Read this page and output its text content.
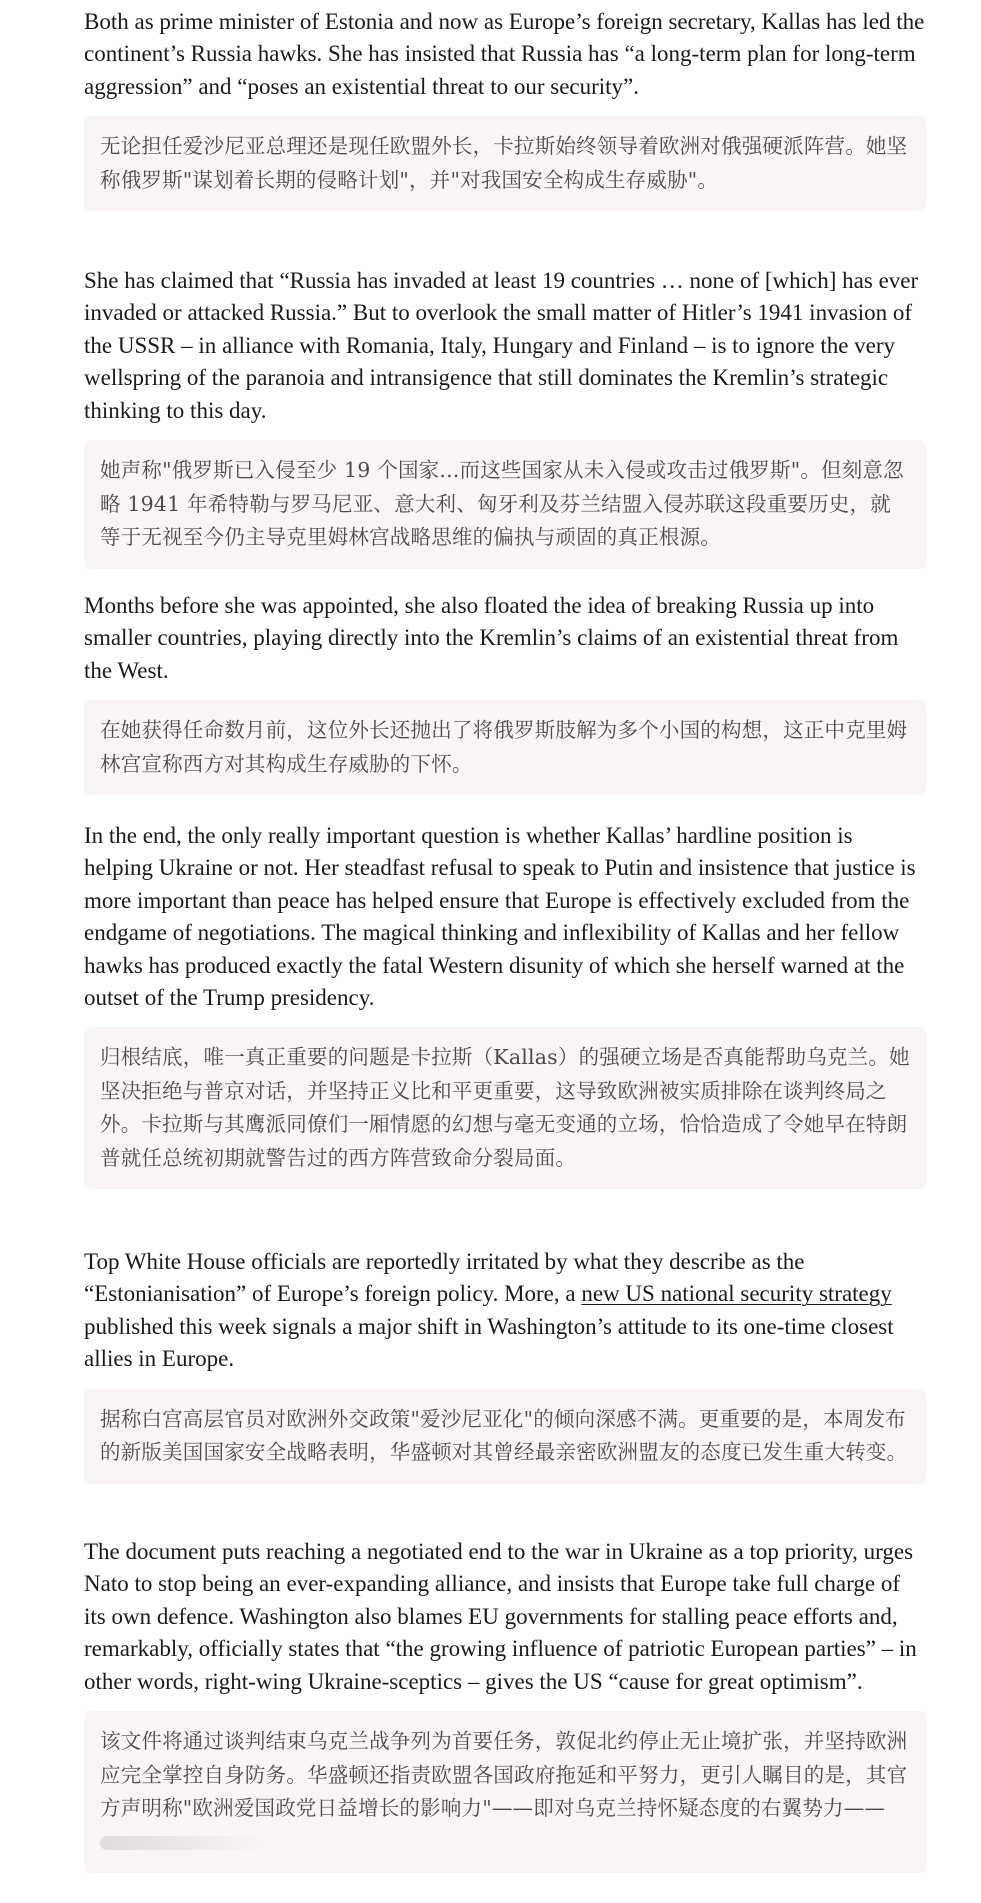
Both as prime minister of Estonia and now as Europe’s foreign secretary, Kallas has led the continent’s Russia hawks. She has insisted that Russia has “a long-term plan for long-term aggression” and “poses an existential threat to our security”.

无论担任爱沙尼亚总理还是现任欧盟外长，卡拉斯始终领导着欧洲对俄强硬派阵营。她坚称俄罗斯"谋划着长期的侵略计划"，并"对我国安全构成生存威胁"。

She has claimed that “Russia has invaded at least 19 countries … none of [which] has ever invaded or attacked Russia.” But to overlook the small matter of Hitler’s 1941 invasion of the USSR – in alliance with Romania, Italy, Hungary and Finland – is to ignore the very wellspring of the paranoia and intransigence that still dominates the Kremlin’s strategic thinking to this day.

她声称"俄罗斯已入侵至少 19 个国家...而这些国家从未入侵或攻击过俄罗斯"。但刻意忽略 1941 年希特勒与罗马尼亚、意大利、匈牙利及芬兰结盟入侵苏联这段重要历史，就等于无视至今仍主导克里姆林宫战略思维的偏执与顽固的真正根源。

Months before she was appointed, she also floated the idea of breaking Russia up into smaller countries, playing directly into the Kremlin’s claims of an existential threat from the West.

在她获得任命数月前，这位外长还抛出了将俄罗斯肢解为多个小国的构想，这正中克里姆林宫宣称西方对其构成生存威胁的下怀。

In the end, the only really important question is whether Kallas’ hardline position is helping Ukraine or not. Her steadfast refusal to speak to Putin and insistence that justice is more important than peace has helped ensure that Europe is effectively excluded from the endgame of negotiations. The magical thinking and inflexibility of Kallas and her fellow hawks has produced exactly the fatal Western disunity of which she herself warned at the outset of the Trump presidency.

归根结底，唯一真正重要的问题是卡拉斯（Kallas）的强硬立场是否真能帮助乌克兰。她坚决拒绝与普京对话，并坚持正义比和平更重要，这导致欧洲被实质排除在谈判终局之外。卡拉斯与其鹰派同僚们一厢情愿的幻想与毫无变通的立场，恰恰造成了令她早在特朗普就任总统初期就警告过的西方阵营致命分裂局面。

Top White House officials are reportedly irritated by what they describe as the “Estonianisation” of Europe’s foreign policy. More, a new US national security strategy published this week signals a major shift in Washington’s attitude to its one-time closest allies in Europe.

据称白宫高层官员对欧洲外交政策"爱沙尼亚化"的倾向深感不满。更重要的是，本周发布的新版美国国家安全战略表明，华盛顿对其曾经最亲密欧洲盟友的态度已发生重大转变。

The document puts reaching a negotiated end to the war in Ukraine as a top priority, urges Nato to stop being an ever-expanding alliance, and insists that Europe take full charge of its own defence. Washington also blames EU governments for stalling peace efforts and, remarkably, officially states that “the growing influence of patriotic European parties” – in other words, right-wing Ukraine-sceptics – gives the US “cause for great optimism”.

该文件将通过谈判结束乌克兰战争列为首要任务，敦促北约停止无止境扩张，并坚持欧洲应完全掌控自身防务。华盛顿还指责欧盟各国政府拖延和平努力，更引人瞩目的是，其官方声明称"欧洲爱国政党日益增长的影响力"——即对乌克兰持怀疑态度的右翼势力——
